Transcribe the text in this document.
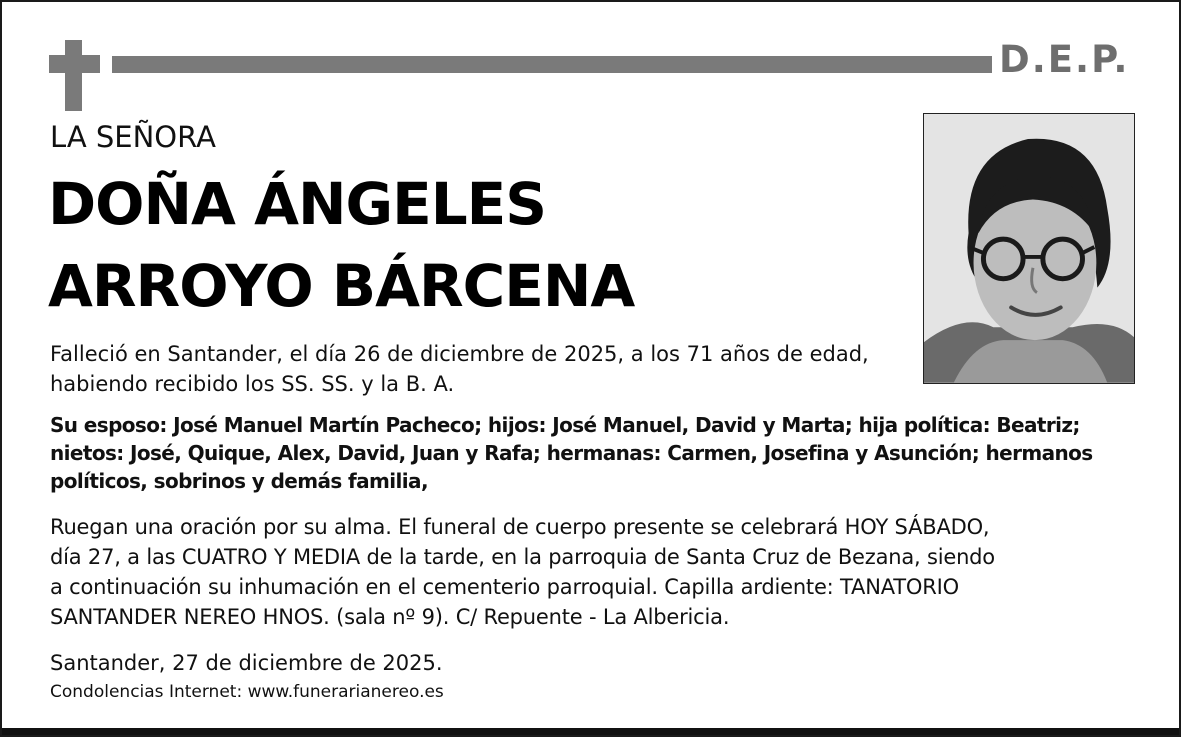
D.E.P.
LA SEÑORA
DOÑA ÁNGELES
ARROYO BÁRCENA

Falleció en Santander, el día 26 de diciembre de 2025, a los 71 años de edad,
habiendo recibido los SS. SS. y la B. A.

Su esposo: José Manuel Martín Pacheco; hijos: José Manuel, David y Marta; hija política: Beatriz;
nietos: José, Quique, Alex, David, Juan y Rafa; hermanas: Carmen, Josefina y Asunción; hermanos
políticos, sobrinos y demás familia,

Ruegan una oración por su alma. El funeral de cuerpo presente se celebrará HOY SÁBADO,
día 27, a las CUATRO Y MEDIA de la tarde, en la parroquia de Santa Cruz de Bezana, siendo
a continuación su inhumación en el cementerio parroquial. Capilla ardiente: TANATORIO
SANTANDER NEREO HNOS. (sala nº 9). C/ Repuente - La Albericia.

Santander, 27 de diciembre de 2025.

Condolencias Internet: www.funerarianereo.es
